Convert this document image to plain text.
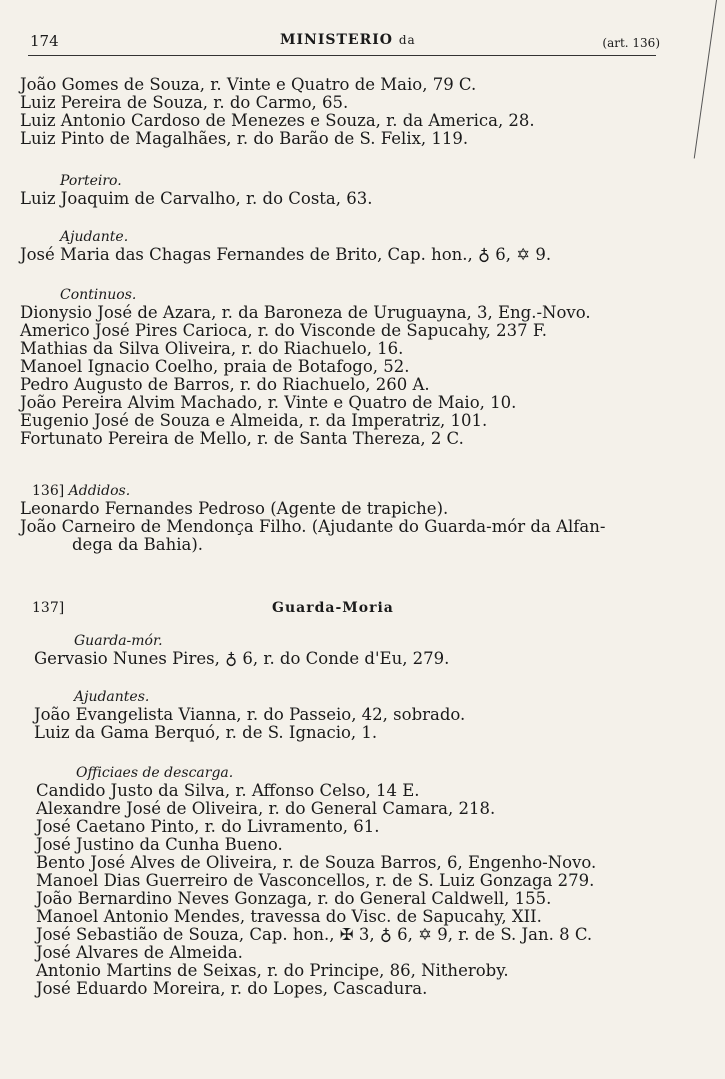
174	MINISTERIO da	(art. 136)
João Gomes de Souza, r. Vinte e Quatro de Maio, 79 C.
Luiz Pereira de Souza, r. do Carmo, 65.
Luiz Antonio Cardoso de Menezes e Souza, r. da America, 28.
Luiz Pinto de Magalhães, r. do Barão de S. Felix, 119.
Porteiro.
Luiz Joaquim de Carvalho, r. do Costa, 63.
Ajudante.
José Maria das Chagas Fernandes de Brito, Cap. hon., ♁ 6, ✡ 9.
Continuos.
Dionysio José de Azara, r. da Baroneza de Uruguayna, 3, Eng.-Novo.
Americo José Pires Carioca, r. do Visconde de Sapucahy, 237 F.
Mathias da Silva Oliveira, r. do Riachuelo, 16.
Manoel Ignacio Coelho, praia de Botafogo, 52.
Pedro Augusto de Barros, r. do Riachuelo, 260 A.
João Pereira Alvim Machado, r. Vinte e Quatro de Maio, 10.
Eugenio José de Souza e Almeida, r. da Imperatriz, 101.
Fortunato Pereira de Mello, r. de Santa Thereza, 2 C.
136] Addidos.
Leonardo Fernandes Pedroso (Agente de trapiche).
João Carneiro de Mendonça Filho. (Ajudante do Guarda-mór da Alfan-
dega da Bahia).
137]	Guarda-Moria
Guarda-mór.
Gervasio Nunes Pires, ♁ 6, r. do Conde d'Eu, 279.
Ajudantes.
João Evangelista Vianna, r. do Passeio, 42, sobrado.
Luiz da Gama Berquó, r. de S. Ignacio, 1.
Officiaes de descarga.
Candido Justo da Silva, r. Affonso Celso, 14 E.
Alexandre José de Oliveira, r. do General Camara, 218.
José Caetano Pinto, r. do Livramento, 61.
José Justino da Cunha Bueno.
Bento José Alves de Oliveira, r. de Souza Barros, 6, Engenho-Novo.
Manoel Dias Guerreiro de Vasconcellos, r. de S. Luiz Gonzaga 279.
João Bernardino Neves Gonzaga, r. do General Caldwell, 155.
Manoel Antonio Mendes, travessa do Visc. de Sapucahy, XII.
José Sebastião de Souza, Cap. hon., ✠ 3, ♁ 6, ✡ 9, r. de S. Jan. 8 C.
José Alvares de Almeida.
Antonio Martins de Seixas, r. do Principe, 86, Nitheroby.
José Eduardo Moreira, r. do Lopes, Cascadura.
